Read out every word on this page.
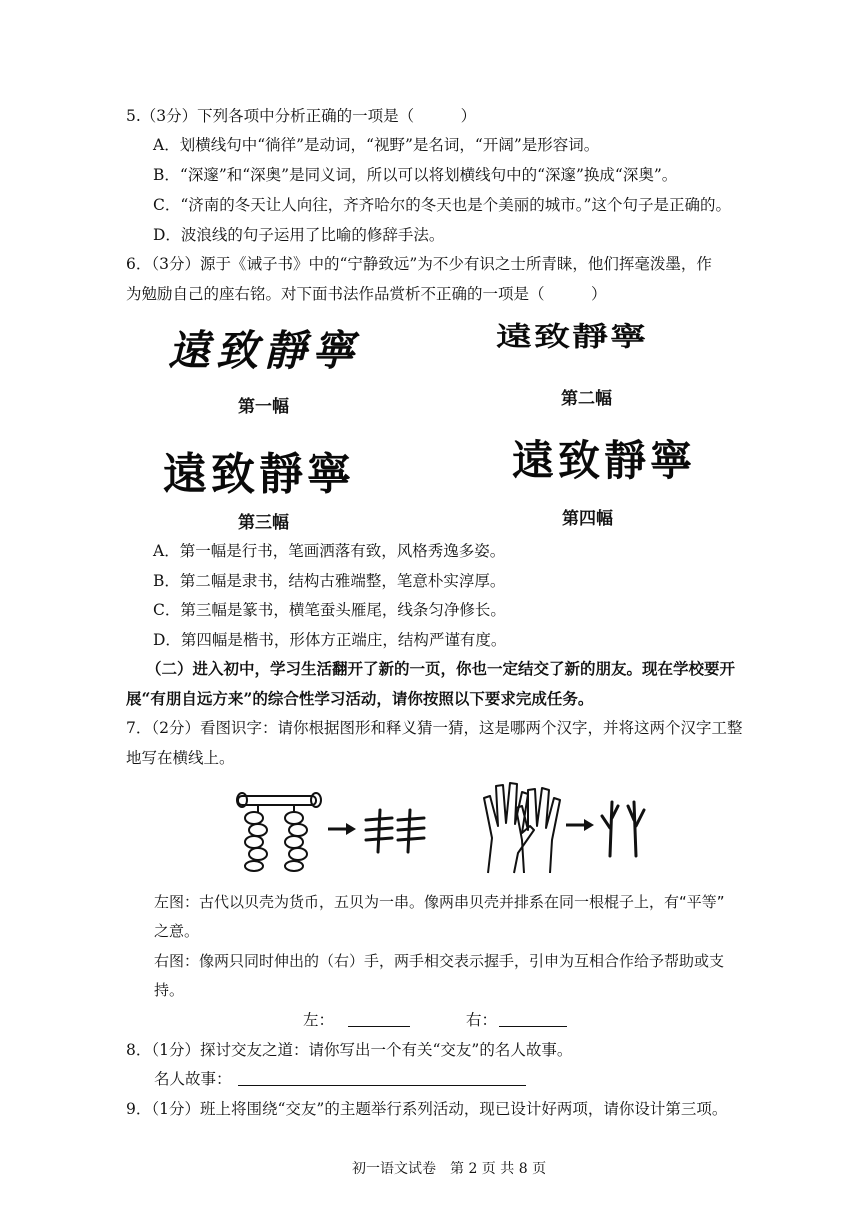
5.（3分）下列各项中分析正确的一项是（　　　）
A．划横线句中“徜徉”是动词，“视野”是名词，“开阔”是形容词。
B．“深邃”和“深奥”是同义词，所以可以将划横线句中的“深邃”换成“深奥”。
C．“济南的冬天让人向往，齐齐哈尔的冬天也是个美丽的城市。”这个句子是正确的。
D．波浪线的句子运用了比喻的修辞手法。
6．（3分）源于《诫子书》中的“宁静致远”为不少有识之士所青睐，他们挥毫泼墨，作
为勉励自己的座右铭。对下面书法作品赏析不正确的一项是（　　　）
遠致靜寧
第一幅
遠致靜寧
第二幅
遠致靜寧
第三幅
遠致靜寧
第四幅
A．第一幅是行书，笔画洒落有致，风格秀逸多姿。
B．第二幅是隶书，结构古雅端整，笔意朴实淳厚。
C．第三幅是篆书，横笔蚕头雁尾，线条匀净修长。
D．第四幅是楷书，形体方正端庄，结构严谨有度。
（二）进入初中，学习生活翻开了新的一页，你也一定结交了新的朋友。现在学校要开
展“有朋自远方来”的综合性学习活动，请你按照以下要求完成任务。
7．（2分）看图识字：请你根据图形和释义猜一猜，这是哪两个汉字，并将这两个汉字工整
地写在横线上。
左图：古代以贝壳为货币，五贝为一串。像两串贝壳并排系在同一根棍子上，有“平等”
之意。
右图：像两只同时伸出的（右）手，两手相交表示握手，引申为互相合作给予帮助或支
持。
左：	右：
8．（1分）探讨交友之道：请你写出一个有关“交友”的名人故事。
名人故事：
9．（1分）班上将围绕“交友”的主题举行系列活动，现已设计好两项，请你设计第三项。
初一语文试卷　第 2 页 共 8 页
